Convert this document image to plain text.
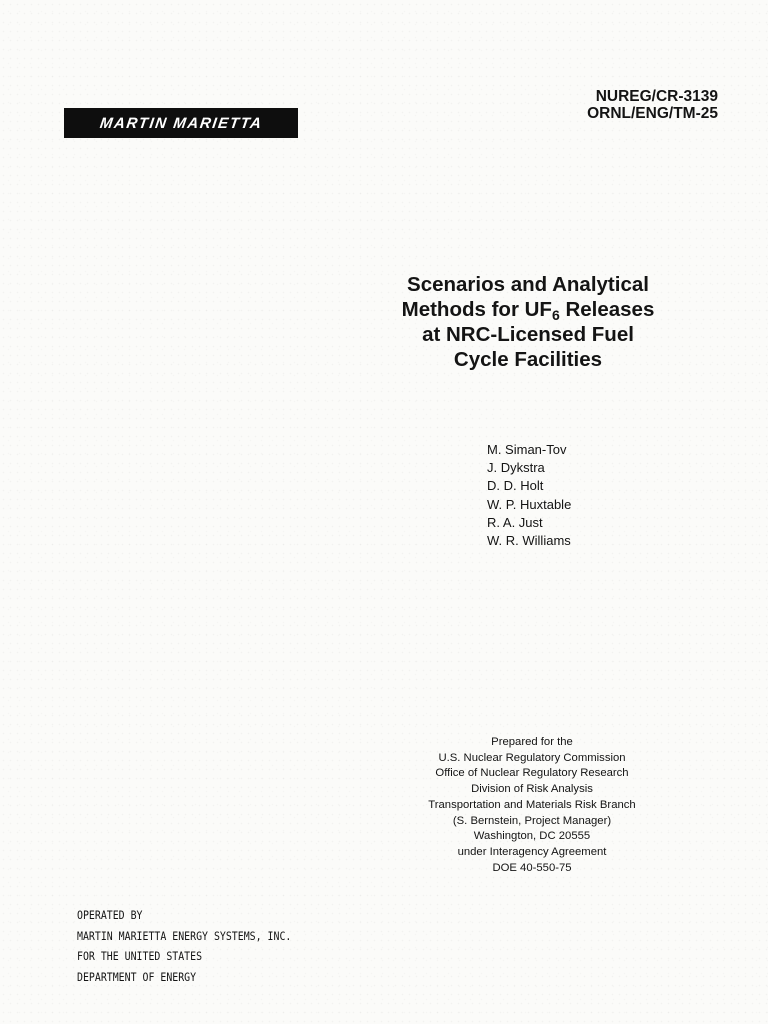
MARTIN MARIETTA
NUREG/CR-3139
ORNL/ENG/TM-25
Scenarios and Analytical
Methods for $UF_6$ Releases
at NRC-Licensed Fuel
Cycle Facilities
M. Siman-Tov
J. Dykstra
D. D. Holt
W. P. Huxtable
R. A. Just
W. R. Williams
Prepared for the
U.S. Nuclear Regulatory Commission
Office of Nuclear Regulatory Research
Division of Risk Analysis
Transportation and Materials Risk Branch
(S. Bernstein, Project Manager)
Washington, DC 20555
under Interagency Agreement
DOE 40-550-75
OPERATED BY
MARTIN MARIETTA ENERGY SYSTEMS, INC.
FOR THE UNITED STATES
DEPARTMENT OF ENERGY
